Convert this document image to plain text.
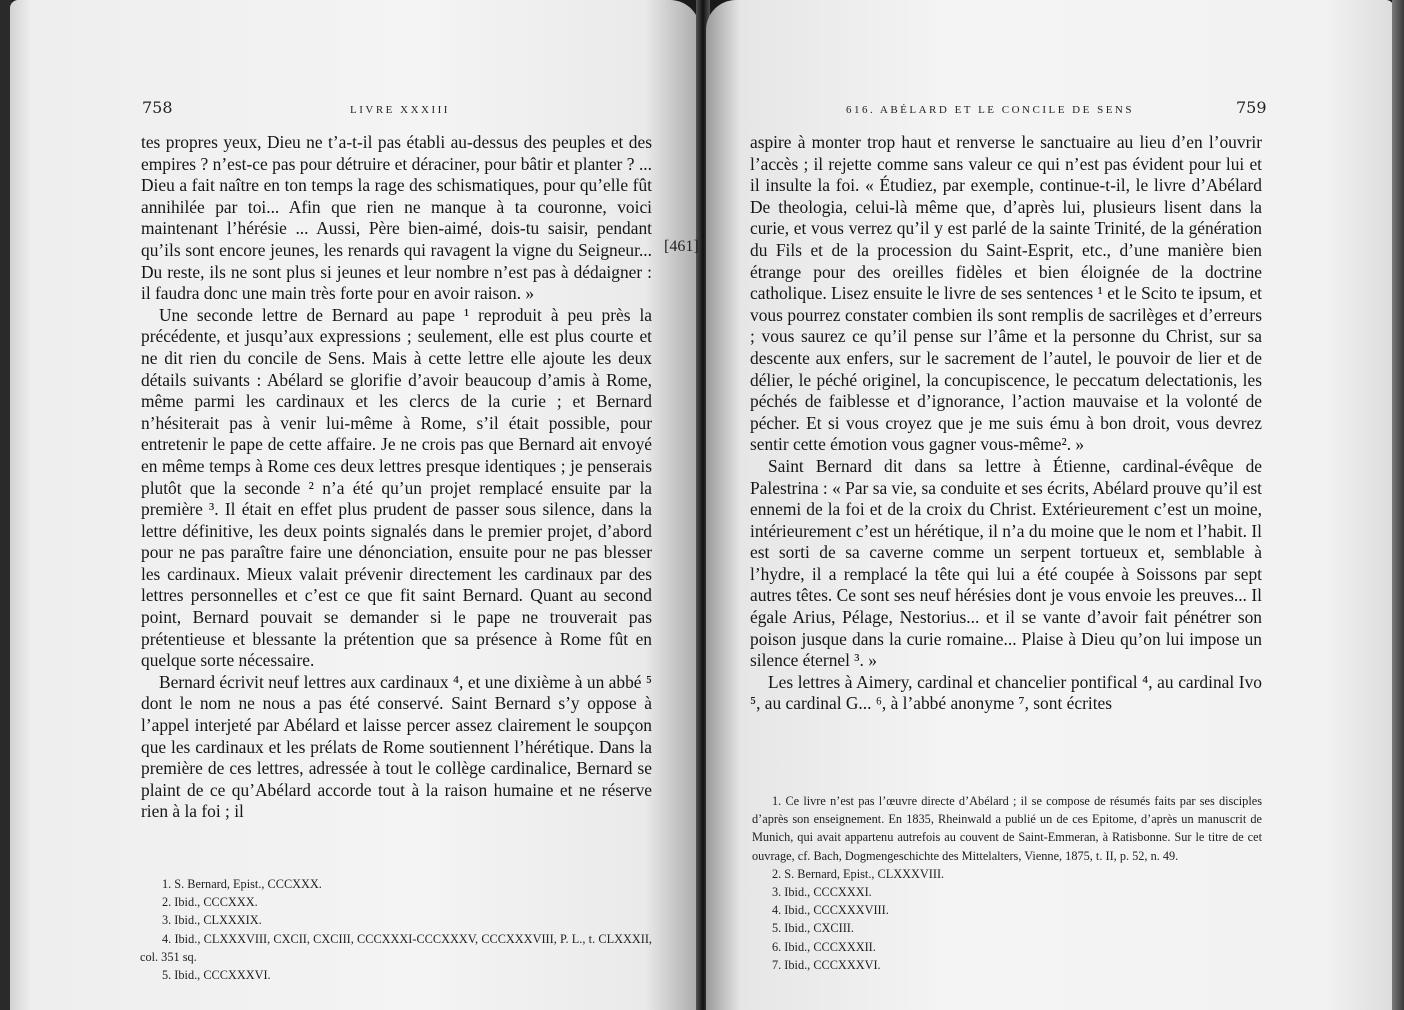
758	LIVRE XXXIII

tes propres yeux, Dieu ne t’a-t-il pas établi au-dessus des peuples et des empires ? n’est-ce pas pour détruire et déraciner, pour bâtir et planter ? ... Dieu a fait naître en ton temps la rage des schismatiques, pour qu’elle fût annihilée par toi... Afin que rien ne manque à ta couronne, voici maintenant l’hérésie ... Aussi, Père bien-aimé, dois-tu saisir, pendant qu’ils sont encore jeunes, les renards qui ravagent la vigne du Seigneur... Du reste, ils ne sont plus si jeunes et leur nombre n’est pas à dédaigner : il faudra donc une main très forte pour en avoir raison. »

Une seconde lettre de Bernard au pape ¹ reproduit à peu près la précédente, et jusqu’aux expressions ; seulement, elle est plus courte et ne dit rien du concile de Sens. Mais à cette lettre elle ajoute les deux détails suivants : Abélard se glorifie d’avoir beaucoup d’amis à Rome, même parmi les cardinaux et les clercs de la curie ; et Bernard n’hésiterait pas à venir lui-même à Rome, s’il était possible, pour entretenir le pape de cette affaire. Je ne crois pas que Bernard ait envoyé en même temps à Rome ces deux lettres presque identiques ; je penserais plutôt que la seconde ² n’a été qu’un projet remplacé ensuite par la première ³. Il était en effet plus prudent de passer sous silence, dans la lettre définitive, les deux points signalés dans le premier projet, d’abord pour ne pas paraître faire une dénonciation, ensuite pour ne pas blesser les cardinaux. Mieux valait prévenir directement les cardinaux par des lettres personnelles et c’est ce que fit saint Bernard. Quant au second point, Bernard pouvait se demander si le pape ne trouverait pas prétentieuse et blessante la prétention que sa présence à Rome fût en quelque sorte nécessaire.

Bernard écrivit neuf lettres aux cardinaux ⁴, et une dixième à un abbé ⁵ dont le nom ne nous a pas été conservé. Saint Bernard s’y oppose à l’appel interjeté par Abélard et laisse percer assez clairement le soupçon que les cardinaux et les prélats de Rome soutiennent l’hérétique. Dans la première de ces lettres, adressée à tout le collège cardinalice, Bernard se plaint de ce qu’Abélard accorde tout à la raison humaine et ne réserve rien à la foi ; il

1. S. Bernard, Epist., CCCXXX.

2. Ibid., CCCXXX.

3. Ibid., CLXXXIX.

4. Ibid., CLXXXVIII, CXCII, CXCIII, CCCXXXI-CCCXXXV, CCCXXXVIII, P. L., t. CLXXXII, col. 351 sq.

5. Ibid., CCCXXXVI.

[461]
616. ABÉLARD ET LE CONCILE DE SENS	759

aspire à monter trop haut et renverse le sanctuaire au lieu d’en l’ouvrir l’accès ; il rejette comme sans valeur ce qui n’est pas évident pour lui et il insulte la foi. « Étudiez, par exemple, continue-t-il, le livre d’Abélard De theologia, celui-là même que, d’après lui, plusieurs lisent dans la curie, et vous verrez qu’il y est parlé de la sainte Trinité, de la génération du Fils et de la procession du Saint-Esprit, etc., d’une manière bien étrange pour des oreilles fidèles et bien éloignée de la doctrine catholique. Lisez ensuite le livre de ses sentences ¹ et le Scito te ipsum, et vous pourrez constater combien ils sont remplis de sacrilèges et d’erreurs ; vous saurez ce qu’il pense sur l’âme et la personne du Christ, sur sa descente aux enfers, sur le sacrement de l’autel, le pouvoir de lier et de délier, le péché originel, la concupiscence, le peccatum delectationis, les péchés de faiblesse et d’ignorance, l’action mauvaise et la volonté de pécher. Et si vous croyez que je me suis ému à bon droit, vous devrez sentir cette émotion vous gagner vous-même². »

Saint Bernard dit dans sa lettre à Étienne, cardinal-évêque de Palestrina : « Par sa vie, sa conduite et ses écrits, Abélard prouve qu’il est ennemi de la foi et de la croix du Christ. Extérieurement c’est un moine, intérieurement c’est un hérétique, il n’a du moine que le nom et l’habit. Il est sorti de sa caverne comme un serpent tortueux et, semblable à l’hydre, il a remplacé la tête qui lui a été coupée à Soissons par sept autres têtes. Ce sont ses neuf hérésies dont je vous envoie les preuves... Il égale Arius, Pélage, Nestorius... et il se vante d’avoir fait pénétrer son poison jusque dans la curie romaine... Plaise à Dieu qu’on lui impose un silence éternel ³. »

Les lettres à Aimery, cardinal et chancelier pontifical ⁴, au cardinal Ivo ⁵, au cardinal G... ⁶, à l’abbé anonyme ⁷, sont écrites

1. Ce livre n’est pas l’œuvre directe d’Abélard ; il se compose de résumés faits par ses disciples d’après son enseignement. En 1835, Rheinwald a publié un de ces Epitome, d’après un manuscrit de Munich, qui avait appartenu autrefois au couvent de Saint-Emmeran, à Ratisbonne. Sur le titre de cet ouvrage, cf. Bach, Dogmengeschichte des Mittelalters, Vienne, 1875, t. II, p. 52, n. 49.

2. S. Bernard, Epist., CLXXXVIII.

3. Ibid., CCCXXXI.

4. Ibid., CCCXXXVIII.

5. Ibid., CXCIII.

6. Ibid., CCCXXXII.

7. Ibid., CCCXXXVI.
